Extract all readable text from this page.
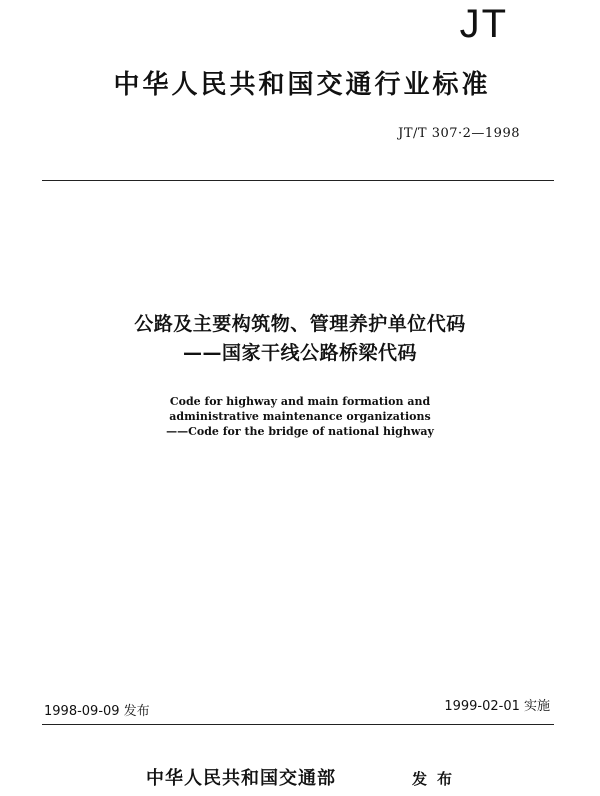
JT
中华人民共和国交通行业标准
JT/T 307·2—1998
公路及主要构筑物、管理养护单位代码
——国家干线公路桥梁代码
Code for highway and main formation and
administrative maintenance organizations
——Code for the bridge of national highway
1998-09-09 发布	1999-02-01 实施
中华人民共和国交通部	发布
